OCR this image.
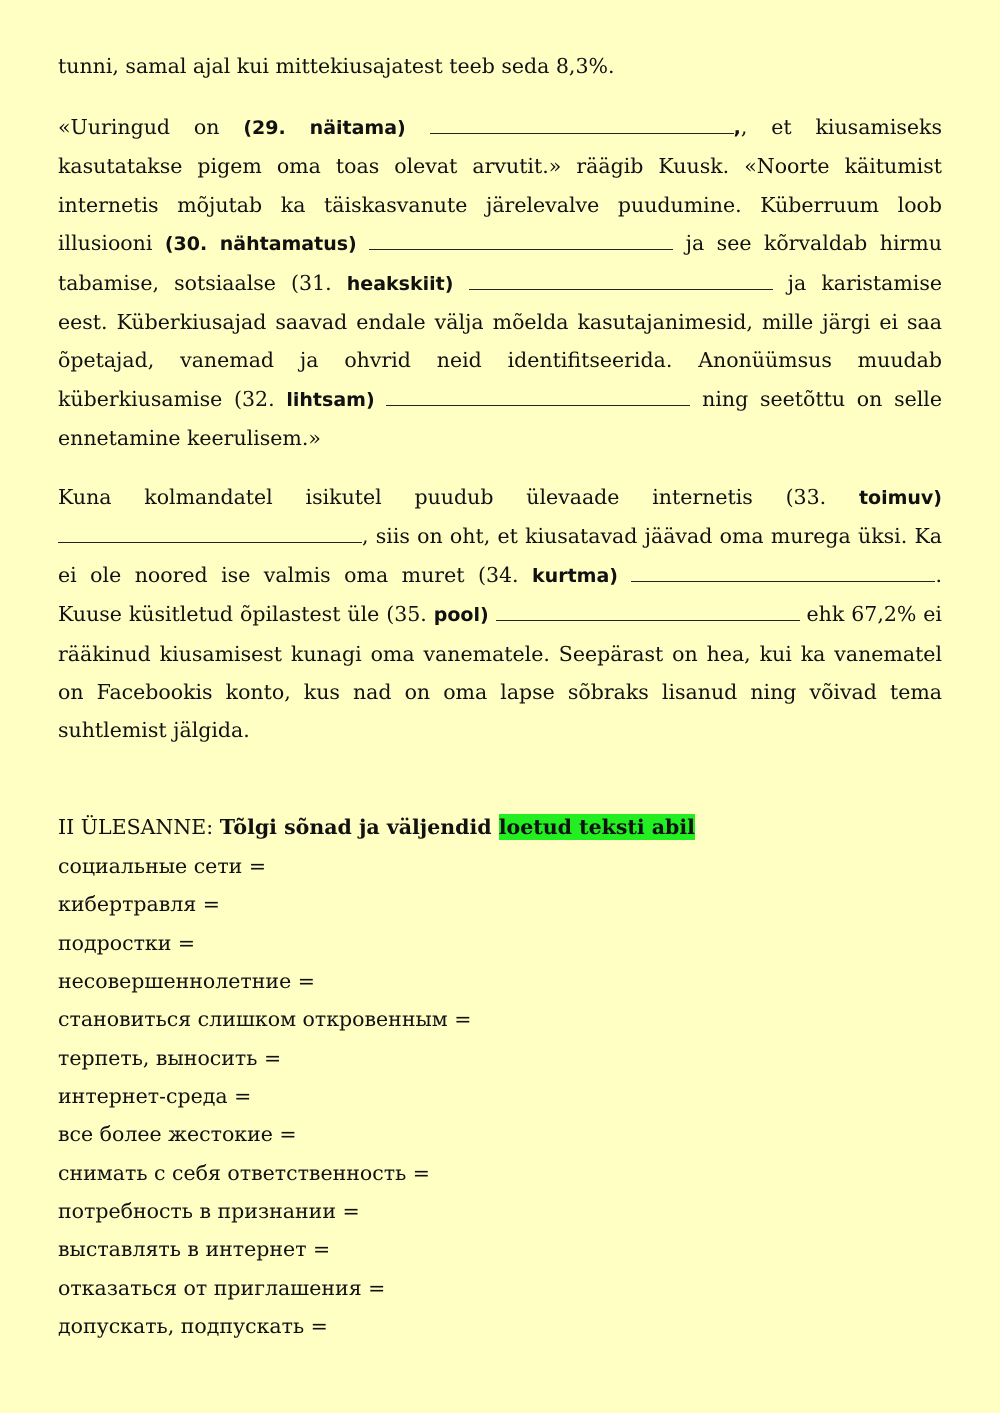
tunni, samal ajal kui mittekiusajatest teeb seda 8,3%.

«Uuringud on (29. näitama)	,, et kiusamiseks kasutatakse pigem oma toas olevat arvutit.» räägib Kuusk. «Noorte käitumist internetis mõjutab ka täiskasvanute järelevalve puudumine. Küberruum loob illusiooni (30. nähtamatus)	ja see kõrvaldab hirmu tabamise, sotsiaalse (31. heakskiit)	ja karistamise eest. Küberkiusajad saavad endale välja mõelda kasutajanimesid, mille järgi ei saa õpetajad, vanemad ja ohvrid neid identifitseerida. Anonüümsus muudab küberkiusamise (32. lihtsam)	ning seetõttu on selle ennetamine keerulisem.»

Kuna kolmandatel isikutel puudub ülevaade internetis (33. toimuv) , siis on oht, et kiusatavad jäävad oma murega üksi. Ka ei ole noored ise valmis oma muret (34. kurtma)	. Kuuse küsitletud õpilastest üle (35. pool)	ehk 67,2% ei rääkinud kiusamisest kunagi oma vanematele. Seepärast on hea, kui ka vanematel on Facebookis konto, kus nad on oma lapse sõbraks lisanud ning võivad tema suhtlemist jälgida.

II ÜLESANNE: Tõlgi sõnad ja väljendid loetud teksti abil

социальные сети =
кибертравля =
подростки =
несовершеннолетние =
становиться слишком откровенным =
терпеть, выносить =
интернет-среда =
все более жестокие =
снимать с себя ответственность =
потребность в признании =
выставлять в интернет =
отказаться от приглашения =
допускать, подпускать =
